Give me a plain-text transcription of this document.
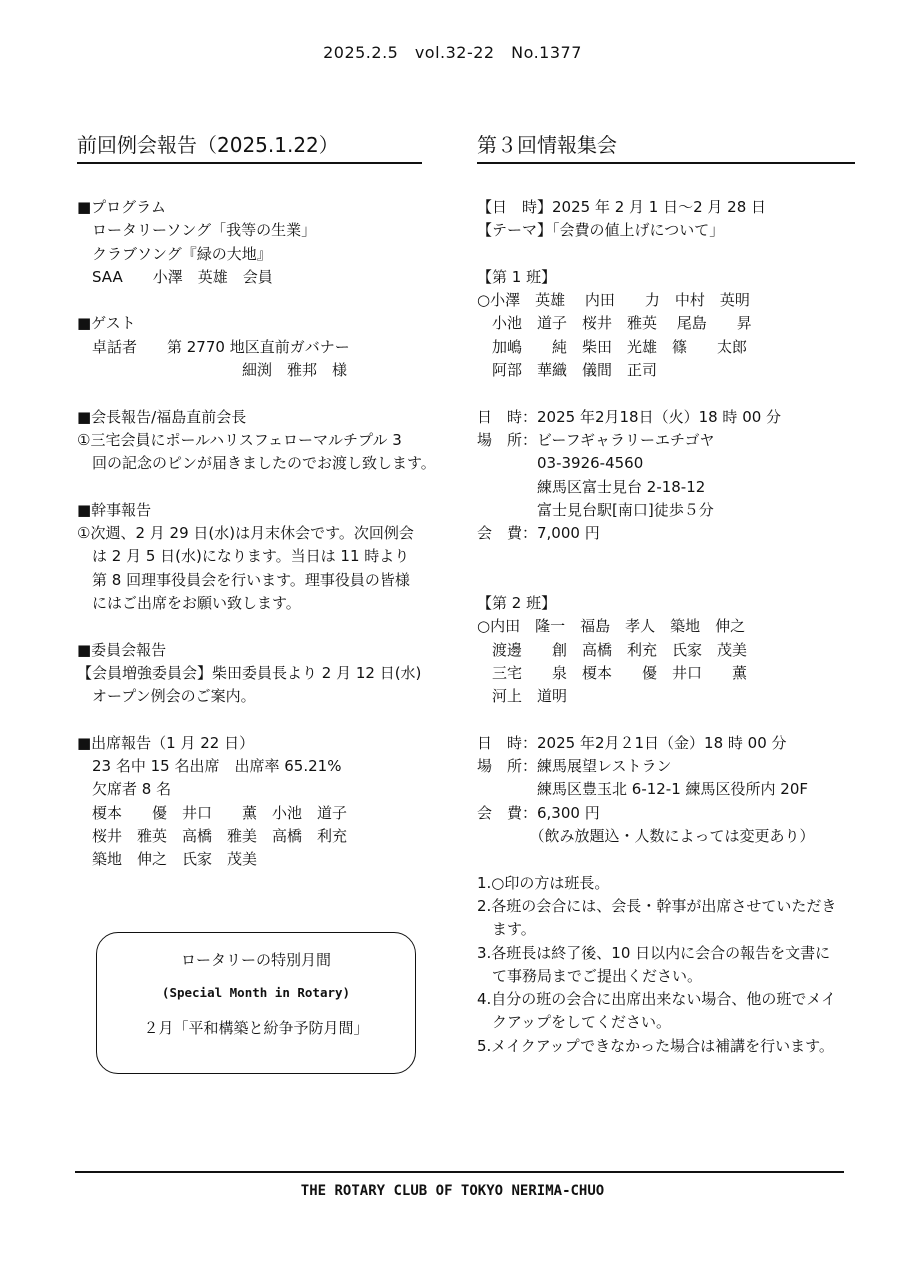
2025.2.5　vol.32-22　No.1377
前回例会報告（2025.1.22）
■プログラム
　ロータリーソング「我等の生業」
　クラブソング『緑の大地』
　SAA　　小澤　英雄　会員
■ゲスト
　卓話者　　第 2770 地区直前ガバナー
　　　　　　　　　　　細渕　雅邦　様
■会長報告/福島直前会長
①三宅会員にポールハリスフェローマルチプル 3
　回の記念のピンが届きましたのでお渡し致します。
■幹事報告
①次週、2 月 29 日(水)は月末休会です。次回例会
　は 2 月 5 日(水)になります。当日は 11 時より
　第 8 回理事役員会を行います。理事役員の皆様
　にはご出席をお願い致します。
■委員会報告
【会員増強委員会】柴田委員長より 2 月 12 日(水)
　オープン例会のご案内。
■出席報告（1 月 22 日）
　23 名中 15 名出席　出席率 65.21%
　欠席者 8 名
　榎本　　優　井口　　薫　小池　道子
　桜井　雅英　高橋　雅美　高橋　利充
　築地　伸之　氏家　茂美
第３回情報集会
【日　時】2025 年 2 月 1 日～2 月 28 日
【テーマ】「会費の値上げについて」
【第 1 班】
○小澤　英雄　 内田　　力　中村　英明
　小池　道子　桜井　雅英　 尾島　　昇
　加嶋　　純　柴田　光雄　篠　　太郎
　阿部　華織　儀間　正司
日　時：2025 年2月18日（火）18 時 00 分
場　所：ビーフギャラリーエチゴヤ
　　　　03-3926-4560
　　　　練馬区富士見台 2-18-12
　　　　富士見台駅[南口]徒歩５分
会　費：7,000 円
【第 2 班】
○内田　隆一　福島　孝人　築地　伸之
　渡邊　　創　高橋　利充　氏家　茂美
　三宅　　泉　榎本　　優　井口　　薫
　河上　道明
日　時：2025 年2月２1日（金）18 時 00 分
場　所：練馬展望レストラン
　　　　練馬区豊玉北 6-12-1 練馬区役所内 20F
会　費：6,300 円
　　　　（飲み放題込・人数によっては変更あり）
1.○印の方は班長。
2.各班の会合には、会長・幹事が出席させていただき
　ます。
3.各班長は終了後、10 日以内に会合の報告を文書に
　て事務局までご提出ください。
4.自分の班の会合に出席出来ない場合、他の班でメイ
　クアップをしてください。
5.メイクアップできなかった場合は補講を行います。
ロータリーの特別月間
(Special Month in Rotary)
２月「平和構築と紛争予防月間」
THE ROTARY CLUB OF TOKYO NERIMA-CHUO
